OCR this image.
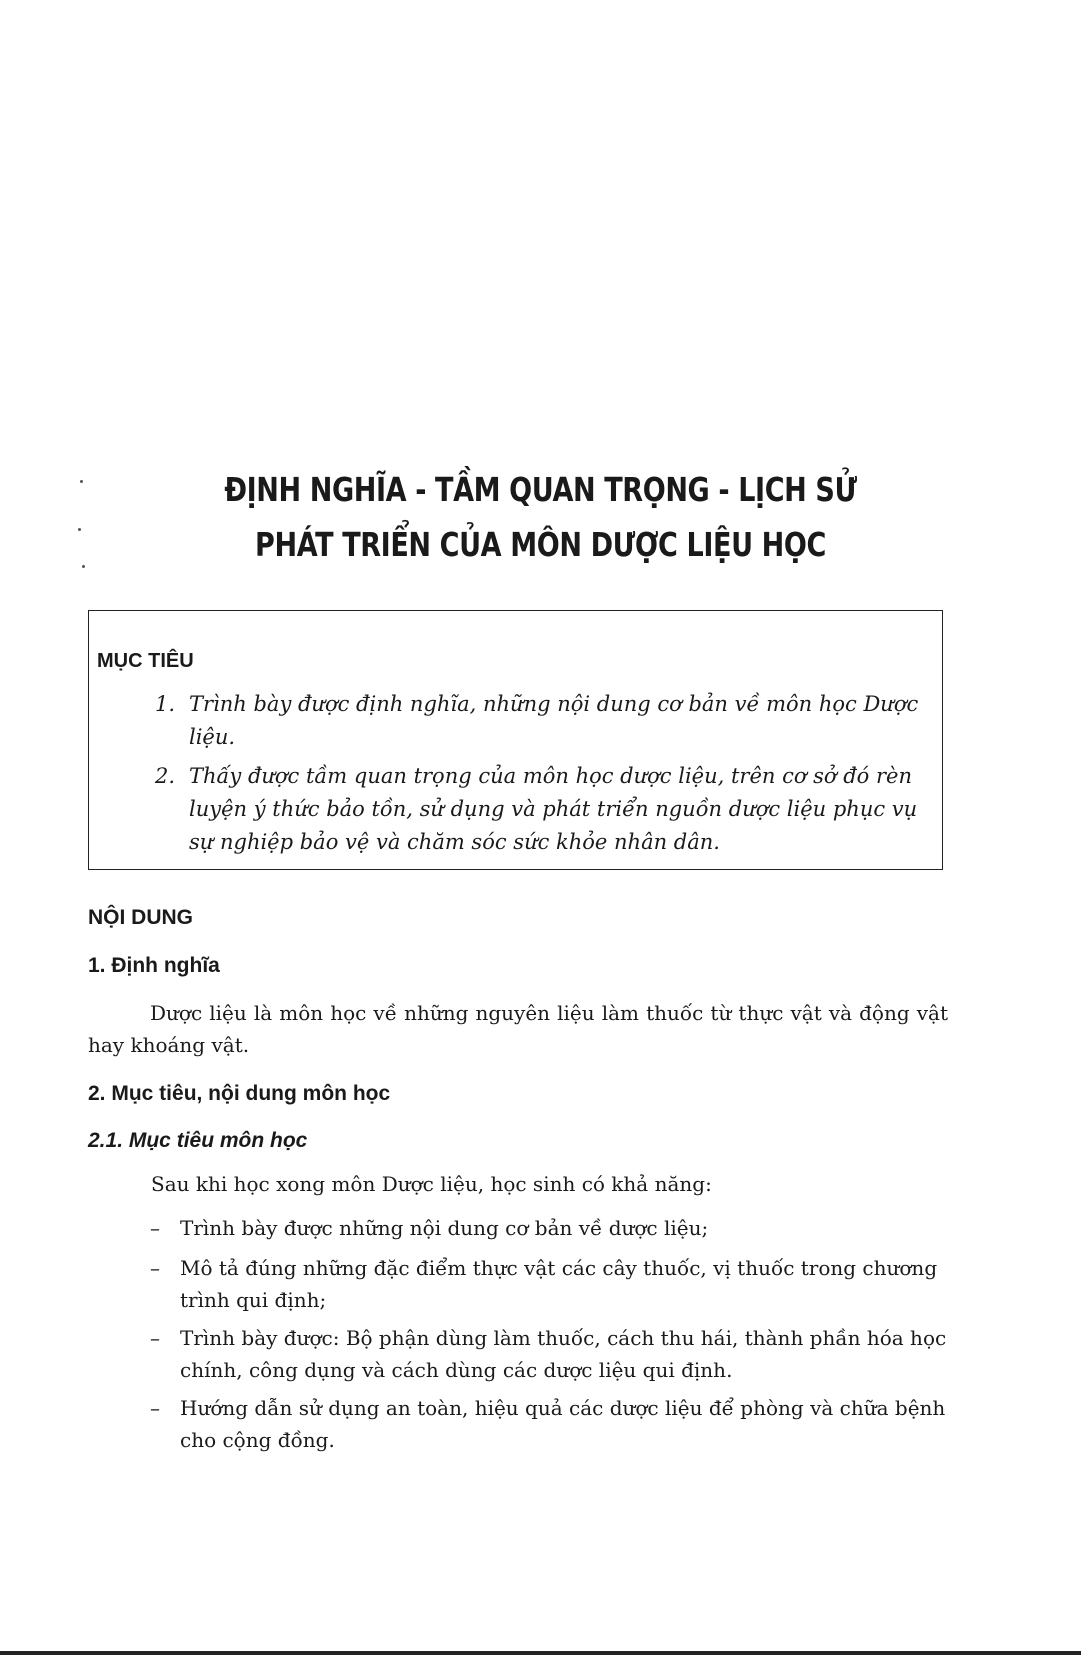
ĐỊNH NGHĨA - TẦM QUAN TRỌNG - LỊCH SỬ
PHÁT TRIỂN CỦA MÔN DƯỢC LIỆU HỌC
MỤC TIÊU
1. Trình bày được định nghĩa, những nội dung cơ bản về môn học Dược liệu.
2. Thấy được tầm quan trọng của môn học dược liệu, trên cơ sở đó rèn luyện ý thức bảo tồn, sử dụng và phát triển nguồn dược liệu phục vụ sự nghiệp bảo vệ và chăm sóc sức khỏe nhân dân.
NỘI DUNG
1. Định nghĩa

Dược liệu là môn học về những nguyên liệu làm thuốc từ thực vật và động vật hay khoáng vật.

2. Mục tiêu, nội dung môn học
2.1. Mục tiêu môn học
Sau khi học xong môn Dược liệu, học sinh có khả năng:
–	Trình bày được những nội dung cơ bản về dược liệu;
–	Mô tả đúng những đặc điểm thực vật các cây thuốc, vị thuốc trong chương trình qui định;
–	Trình bày được: Bộ phận dùng làm thuốc, cách thu hái, thành phần hóa học chính, công dụng và cách dùng các dược liệu qui định.
–	Hướng dẫn sử dụng an toàn, hiệu quả các dược liệu để phòng và chữa bệnh cho cộng đồng.
